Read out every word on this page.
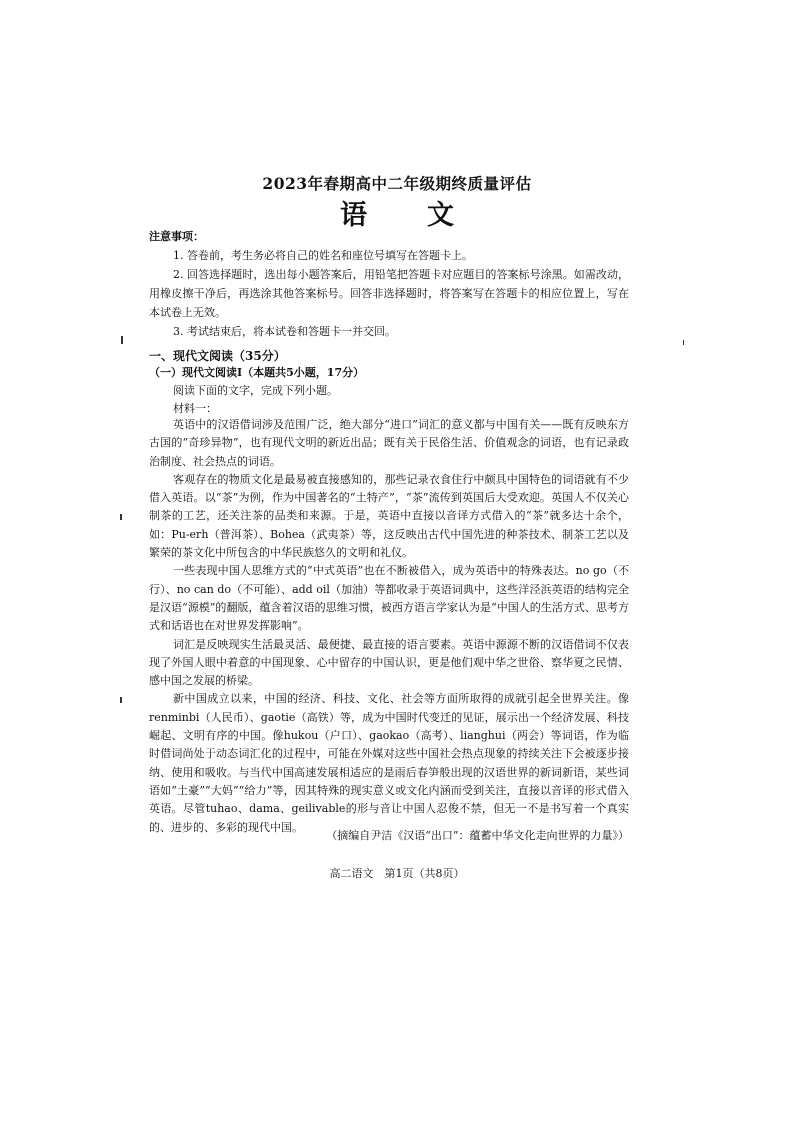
2023年春期高中二年级期终质量评估
语 文
注意事项：
1. 答卷前，考生务必将自己的姓名和座位号填写在答题卡上。
2. 回答选择题时，选出每小题答案后，用铅笔把答题卡对应题目的答案标号涂黑。如需改动，用橡皮擦干净后，再选涂其他答案标号。回答非选择题时，将答案写在答题卡的相应位置上，写在本试卷上无效。
3. 考试结束后，将本试卷和答题卡一并交回。
一、现代文阅读（35分）
（一）现代文阅读Ⅰ（本题共5小题，17分）
阅读下面的文字，完成下列小题。
材料一：

英语中的汉语借词涉及范围广泛，绝大部分“进口”词汇的意义都与中国有关——既有反映东方古国的“奇珍异物”，也有现代文明的新近出品；既有关于民俗生活、价值观念的词语，也有记录政治制度、社会热点的词语。

客观存在的物质文化是最易被直接感知的，那些记录衣食住行中颇具中国特色的词语就有不少借入英语。以“茶”为例，作为中国著名的“土特产”，“茶”流传到英国后大受欢迎。英国人不仅关心制茶的工艺，还关注茶的品类和来源。于是，英语中直接以音译方式借入的“茶”就多达十余个，如：Pu-erh（普洱茶）、Bohea（武夷茶）等，这反映出古代中国先进的种茶技术、制茶工艺以及繁荣的茶文化中所包含的中华民族悠久的文明和礼仪。

一些表现中国人思维方式的“中式英语”也在不断被借入，成为英语中的特殊表达。no go（不行）、no can do（不可能）、add oil（加油）等都收录于英语词典中，这些洋泾浜英语的结构完全是汉语“源模”的翻版，蕴含着汉语的思维习惯，被西方语言学家认为是“中国人的生活方式、思考方式和话语也在对世界发挥影响”。

词汇是反映现实生活最灵活、最便捷、最直接的语言要素。英语中源源不断的汉语借词不仅表现了外国人眼中着意的中国现象、心中留存的中国认识，更是他们观中华之世俗、察华夏之民情、感中国之发展的桥梁。

新中国成立以来，中国的经济、科技、文化、社会等方面所取得的成就引起全世界关注。像renminbi（人民币）、gaotie（高铁）等，成为中国时代变迁的见证，展示出一个经济发展、科技崛起、文明有序的中国。像hukou（户口）、gaokao（高考）、lianghui（两会）等词语，作为临时借词尚处于动态词汇化的过程中，可能在外媒对这些中国社会热点现象的持续关注下会被逐步接纳、使用和吸收。与当代中国高速发展相适应的是雨后春笋般出现的汉语世界的新词新语，某些词语如“土豪”“大妈”“给力”等，因其特殊的现实意义或文化内涵而受到关注，直接以音译的形式借入英语。尽管tuhao、dama、geilivable的形与音让中国人忍俊不禁，但无一不是书写着一个真实的、进步的、多彩的现代中国。

（摘编自尹洁《汉语“出口”：蕴蓄中华文化走向世界的力量》）
高二语文　第1页（共8页）
